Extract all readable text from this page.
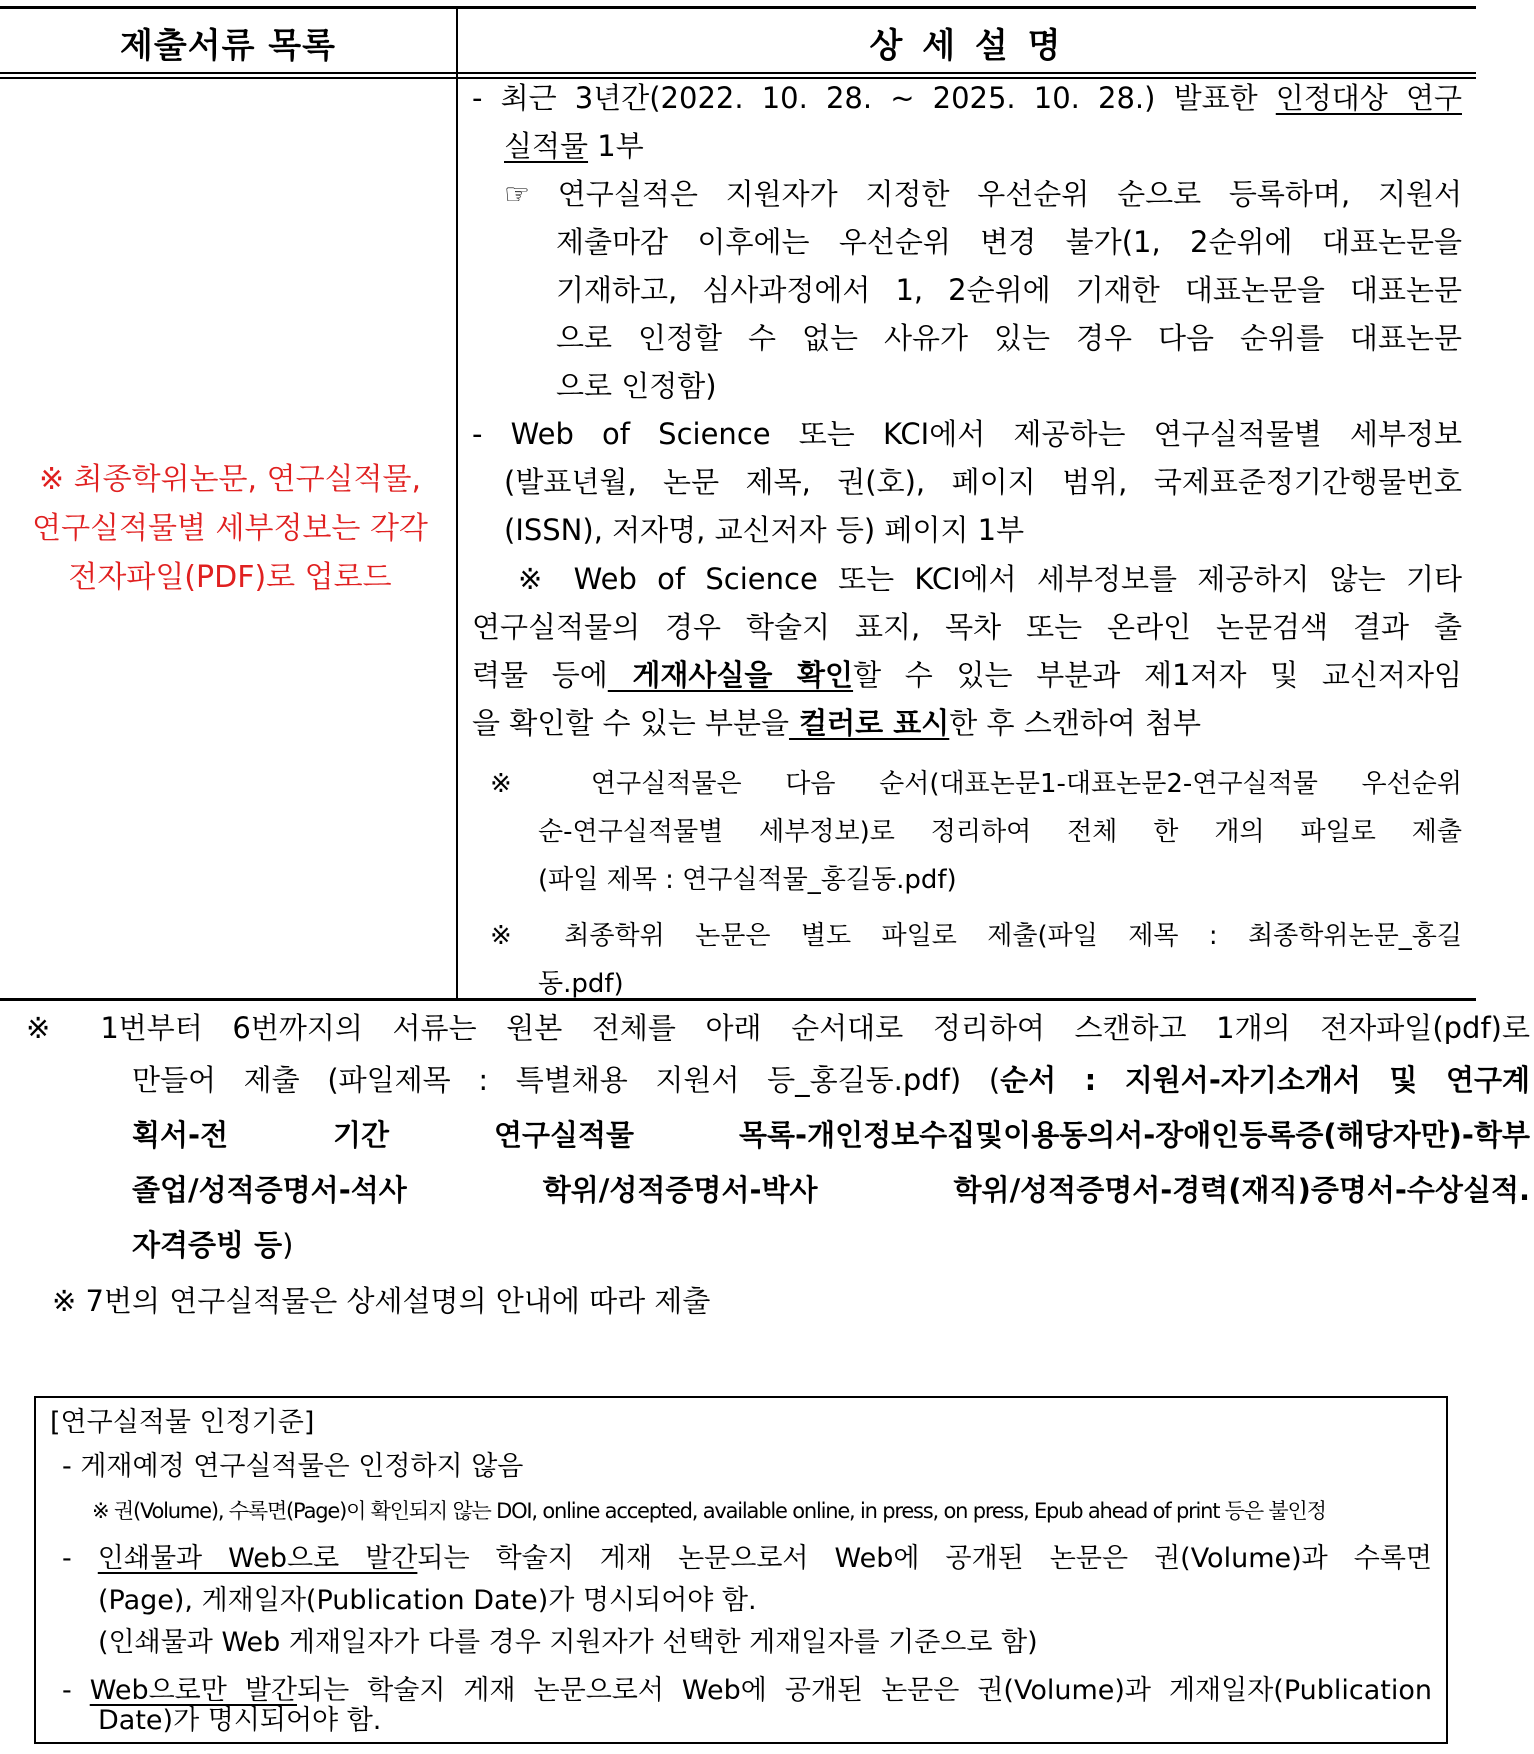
제출서류 목록	상 세 설 명
※ 최종학위논문, 연구실적물,
연구실적물별 세부정보는 각각
전자파일(PDF)로 업로드
- 최근 3년간(2022. 10. 28. ~ 2025. 10. 28.) 발표한 인정대상 연구
실적물 1부
☞ 연구실적은 지원자가 지정한 우선순위 순으로 등록하며, 지원서
제출마감 이후에는 우선순위 변경 불가(1, 2순위에 대표논문을
기재하고, 심사과정에서 1, 2순위에 기재한 대표논문을 대표논문
으로 인정할 수 없는 사유가 있는 경우 다음 순위를 대표논문
으로 인정함)
- Web of Science 또는 KCI에서 제공하는 연구실적물별 세부정보
(발표년월, 논문 제목, 권(호), 페이지 범위, 국제표준정기간행물번호
(ISSN), 저자명, 교신저자 등) 페이지 1부
※ Web of Science 또는 KCI에서 세부정보를 제공하지 않는 기타
연구실적물의 경우 학술지 표지, 목차 또는 온라인 논문검색 결과 출
력물 등에 게재사실을 확인할 수 있는 부분과 제1저자 및 교신저자임
을 확인할 수 있는 부분을 컬러로 표시한 후 스캔하여 첨부
※ 연구실적물은 다음 순서(대표논문1-대표논문2-연구실적물 우선순위
순-연구실적물별 세부정보)로 정리하여 전체 한 개의 파일로 제출
(파일 제목 : 연구실적물_홍길동.pdf)
※ 최종학위 논문은 별도 파일로 제출(파일 제목 : 최종학위논문_홍길
동.pdf)
※ 1번부터 6번까지의 서류는 원본 전체를 아래 순서대로 정리하여 스캔하고 1개의 전자파일(pdf)로
만들어 제출 (파일제목 : 특별채용 지원서 등_홍길동.pdf) (순서 : 지원서-자기소개서 및 연구계
획서-전 기간 연구실적물 목록-개인정보수집및이용동의서-장애인등록증(해당자만)-학부
졸업/성적증명서-석사 학위/성적증명서-박사 학위/성적증명서-경력(재직)증명서-수상실적.
자격증빙 등)
※ 7번의 연구실적물은 상세설명의 안내에 따라 제출
[연구실적물 인정기준]
- 게재예정 연구실적물은 인정하지 않음
※ 권(Volume), 수록면(Page)이 확인되지 않는 DOI, online accepted, available online, in press, on press, Epub ahead of print 등은 불인정
- 인쇄물과 Web으로 발간되는 학술지 게재 논문으로서 Web에 공개된 논문은 권(Volume)과 수록면
(Page), 게재일자(Publication Date)가 명시되어야 함.
(인쇄물과 Web 게재일자가 다를 경우 지원자가 선택한 게재일자를 기준으로 함)
- Web으로만 발간되는 학술지 게재 논문으로서 Web에 공개된 논문은 권(Volume)과 게재일자(Publication
Date)가 명시되어야 함.
